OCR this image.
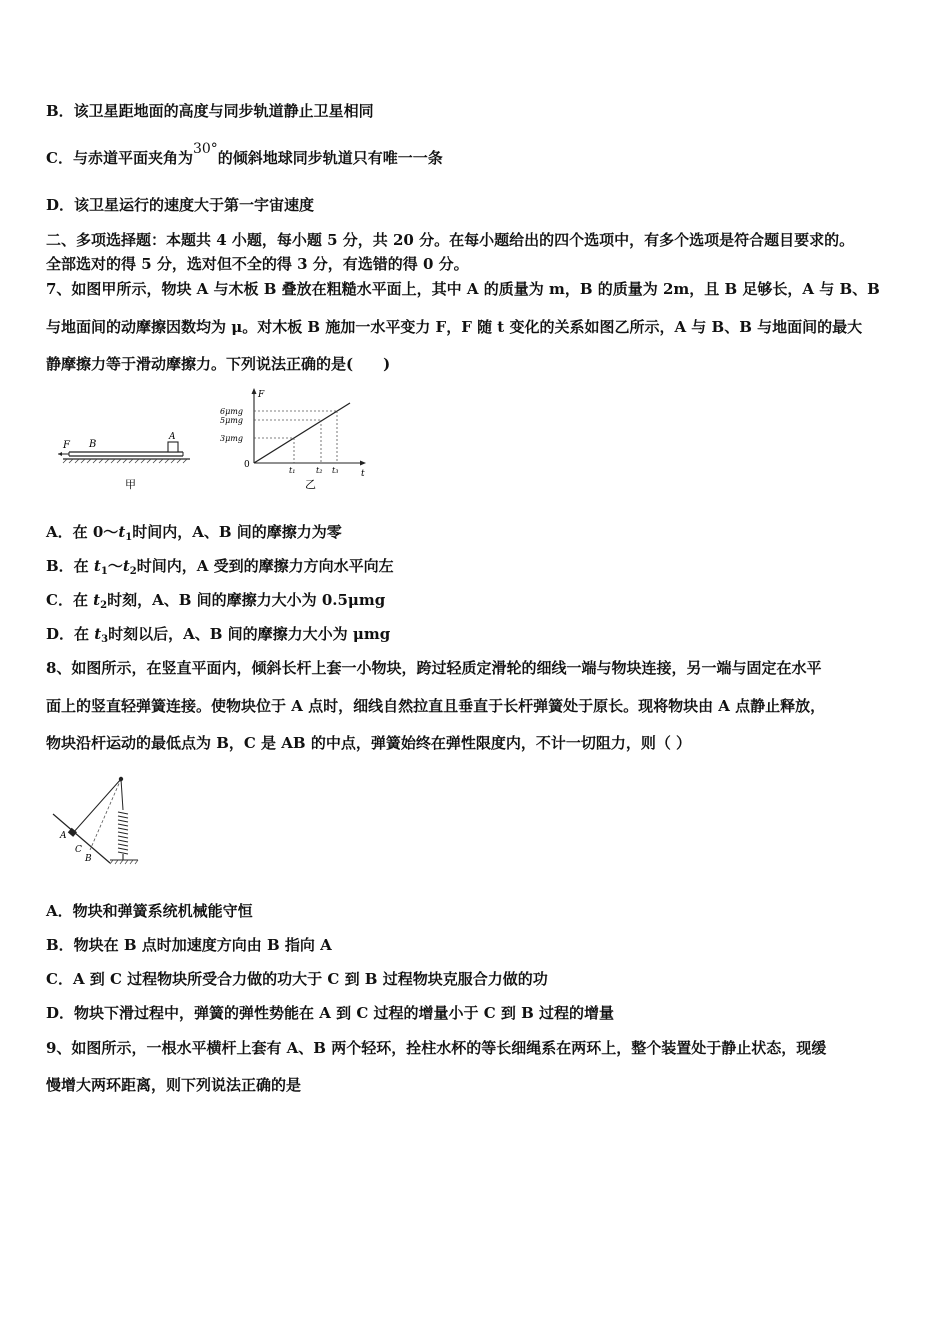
B．该卫星距地面的高度与同步轨道静止卫星相同
C．与赤道平面夹角为30°的倾斜地球同步轨道只有唯一一条
D．该卫星运行的速度大于第一宇宙速度
二、多项选择题：本题共 4 小题，每小题 5 分，共 20 分。在每小题给出的四个选项中，有多个选项是符合题目要求的。
全部选对的得 5 分，选对但不全的得 3 分，有选错的得 0 分。
7、如图甲所示，物块 A 与木板 B 叠放在粗糙水平面上，其中 A 的质量为 m，B 的质量为 2m，且 B 足够长，A 与 B、B
与地面间的动摩擦因数均为 μ。对木板 B 施加一水平变力 F，F 随 t 变化的关系如图乙所示，A 与 B、B 与地面间的最大
静摩擦力等于滑动摩擦力。下列说法正确的是(　　)
F B
A
甲
F
t
0
6μmg
5μmg
3μmg
t₁	t₂ t₃
乙
A．在 $0\sim t_1$时间内，A、B 间的摩擦力为零
B．在 $t_1\sim t_2$时间内，A 受到的摩擦力方向水平向左
C．在 $t_2$时刻，A、B 间的摩擦力大小为 0.5μmg
D．在 $t_3$时刻以后，A、B 间的摩擦力大小为 μmg
8、如图所示，在竖直平面内，倾斜长杆上套一小物块，跨过轻质定滑轮的细线一端与物块连接，另一端与固定在水平
面上的竖直轻弹簧连接。使物块位于 A 点时，细线自然拉直且垂直于长杆弹簧处于原长。现将物块由 A 点静止释放，
物块沿杆运动的最低点为 B，C 是 AB 的中点，弹簧始终在弹性限度内，不计一切阻力，则（ ）
A
C
B
A．物块和弹簧系统机械能守恒
B．物块在 B 点时加速度方向由 B 指向 A
C．A 到 C 过程物块所受合力做的功大于 C 到 B 过程物块克服合力做的功
D．物块下滑过程中，弹簧的弹性势能在 A 到 C 过程的增量小于 C 到 B 过程的增量
9、如图所示，一根水平横杆上套有 A、B 两个轻环，拴柱水杯的等长细绳系在两环上，整个装置处于静止状态，现缓
慢增大两环距离，则下列说法正确的是
